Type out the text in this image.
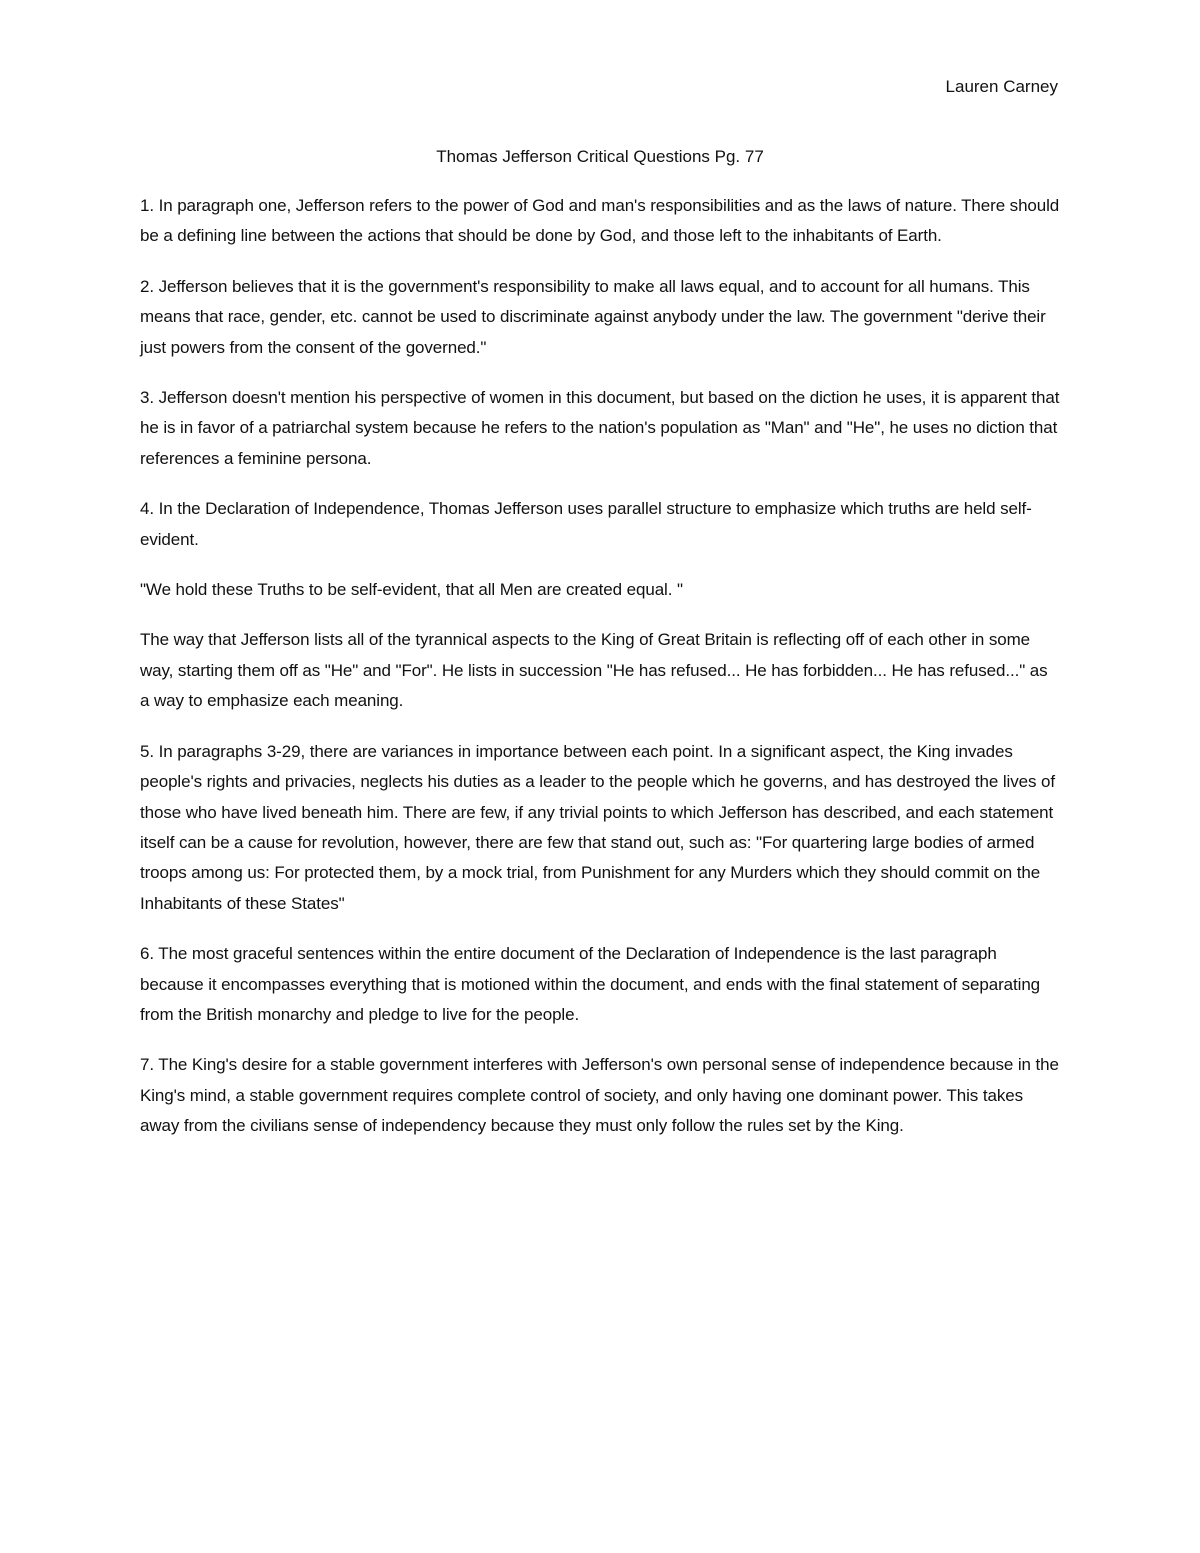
Lauren Carney
Thomas Jefferson Critical Questions Pg. 77

1. In paragraph one, Jefferson refers to the power of God and man's responsibilities and as the laws of nature. There should be a defining line between the actions that should be done by God, and those left to the inhabitants of Earth.

2. Jefferson believes that it is the government's responsibility to make all laws equal, and to account for all humans. This means that race, gender, etc. cannot be used to discriminate against anybody under the law. The government "derive their just powers from the consent of the governed."

3. Jefferson doesn't mention his perspective of women in this document, but based on the diction he uses, it is apparent that he is in favor of a patriarchal system because he refers to the nation's population as "Man" and "He", he uses no diction that references a feminine persona.

4. In the Declaration of Independence, Thomas Jefferson uses parallel structure to emphasize which truths are held self-evident.

"We hold these Truths to be self-evident, that all Men are created equal. "

The way that Jefferson lists all of the tyrannical aspects to the King of Great Britain is reflecting off of each other in some way, starting them off as "He" and "For". He lists in succession "He has refused... He has forbidden... He has refused..." as a way to emphasize each meaning.

5. In paragraphs 3-29, there are variances in importance between each point. In a significant aspect, the King invades people's rights and privacies, neglects his duties as a leader to the people which he governs, and has destroyed the lives of those who have lived beneath him. There are few, if any trivial points to which Jefferson has described, and each statement itself can be a cause for revolution, however, there are few that stand out, such as: "For quartering large bodies of armed troops among us: For protected them, by a mock trial, from Punishment for any Murders which they should commit on the Inhabitants of these States"

6. The most graceful sentences within the entire document of the Declaration of Independence is the last paragraph because it encompasses everything that is motioned within the document, and ends with the final statement of separating from the British monarchy and pledge to live for the people.

7. The King's desire for a stable government interferes with Jefferson's own personal sense of independence because in the King's mind, a stable government requires complete control of society, and only having one dominant power. This takes away from the civilians sense of independency because they must only follow the rules set by the King.
